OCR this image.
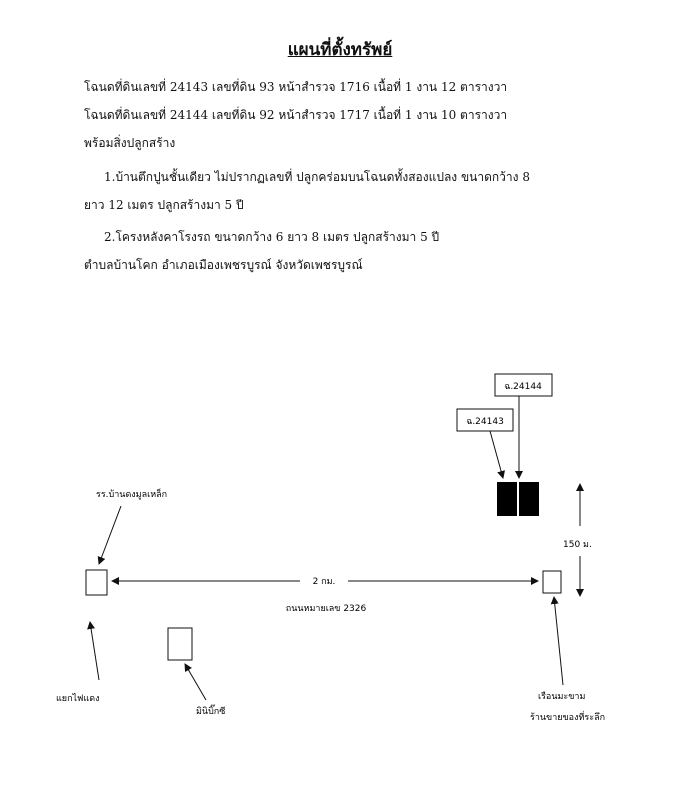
แผนที่ตั้งทรัพย์
โฉนดที่ดินเลขที่ 24143 เลขที่ดิน 93 หน้าสำรวจ 1716 เนื้อที่ 1 งาน 12 ตารางวา
โฉนดที่ดินเลขที่ 24144 เลขที่ดิน 92 หน้าสำรวจ 1717 เนื้อที่ 1 งาน 10 ตารางวา
พร้อมสิ่งปลูกสร้าง
1.บ้านตึกปูนชั้นเดียว ไม่ปรากฏเลขที่ ปลูกคร่อมบนโฉนดทั้งสองแปลง ขนาดกว้าง 8
ยาว 12 เมตร ปลูกสร้างมา 5 ปี
2.โครงหลังคาโรงรถ ขนาดกว้าง 6 ยาว 8 เมตร ปลูกสร้างมา 5 ปี
ตำบลบ้านโคก อำเภอเมืองเพชรบูรณ์ จังหวัดเพชรบูรณ์
ฉ.24144
ฉ.24143
150 ม.
รร.บ้านดงมูลเหล็ก
2 กม.
ถนนหมายเลข 2326
แยกไฟแดง
มินิบิ๊กซี
เรือนมะขาม
ร้านขายของที่ระลึก
